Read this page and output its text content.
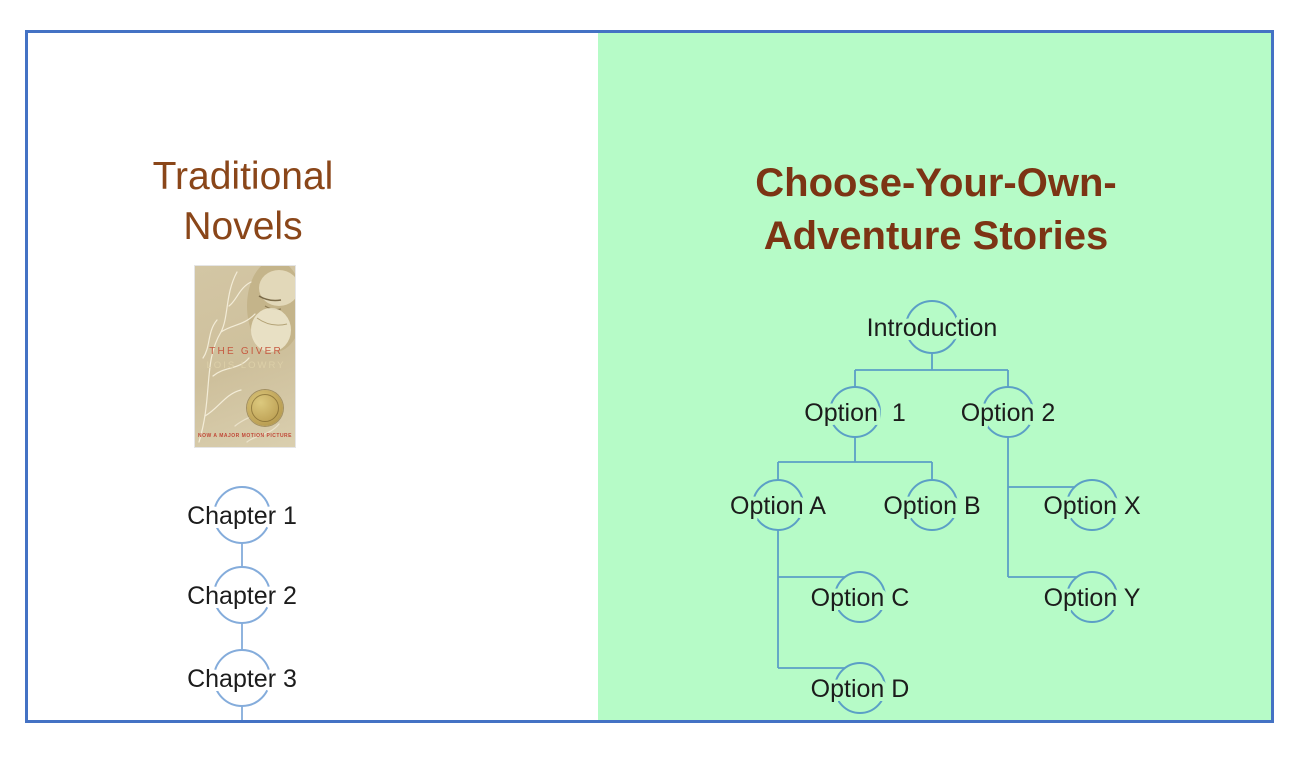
Traditional
Novels
Choose-Your-Own-
Adventure Stories
THE GIVER
LOIS LOWRY
NOW A MAJOR MOTION PICTURE
Chapter 1
Chapter 2
Chapter 3
Introduction
Option  1 Option 2
Option A Option B
Option C
Option D
Option X
Option Y
